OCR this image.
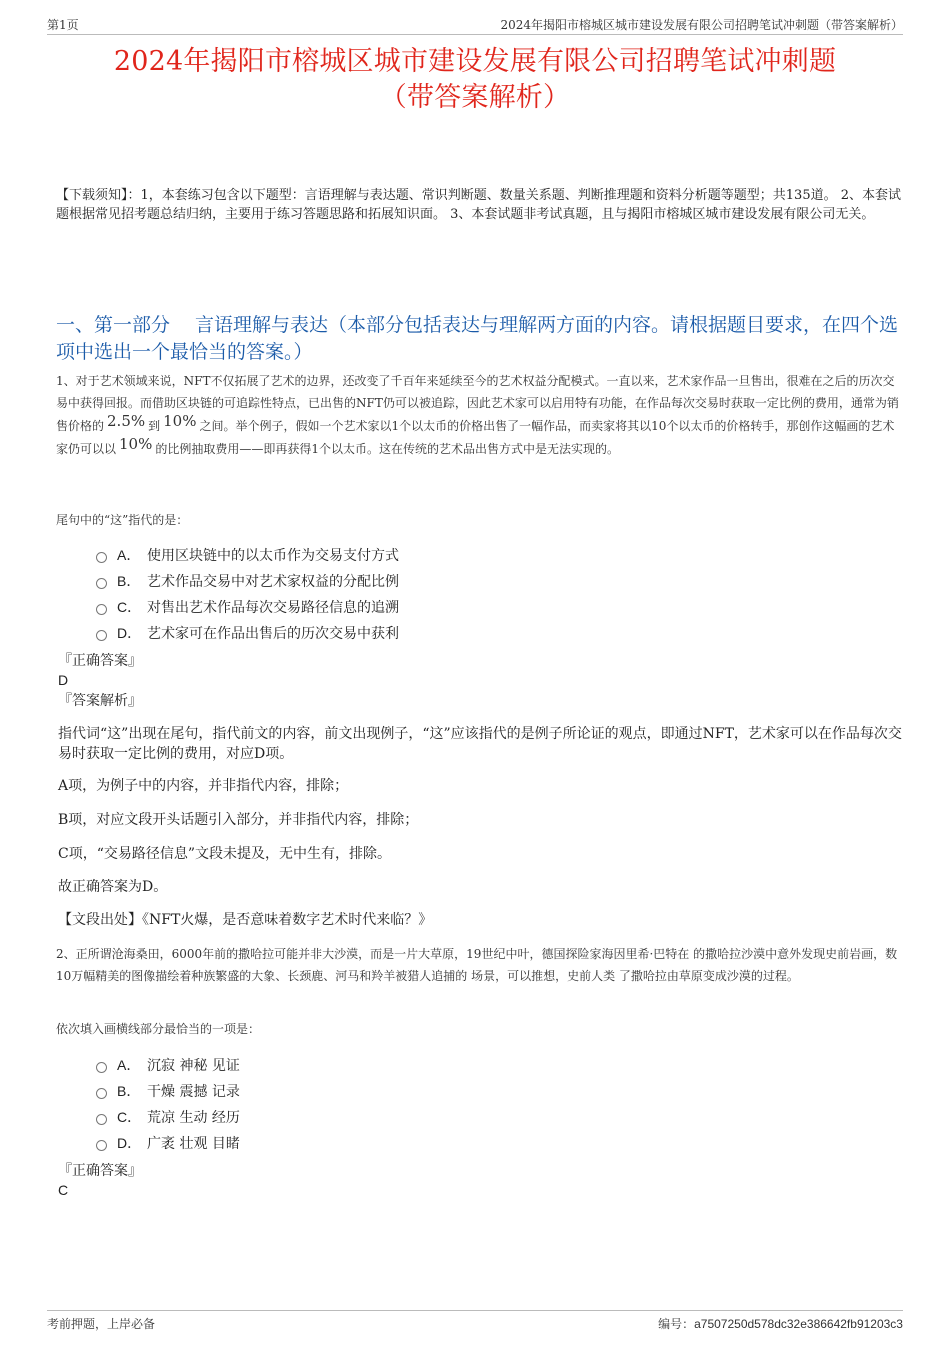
第1页	2024年揭阳市榕城区城市建设发展有限公司招聘笔试冲刺题（带答案解析）
2024年揭阳市榕城区城市建设发展有限公司招聘笔试冲刺题
（带答案解析）
【下载须知】：1，本套练习包含以下题型：言语理解与表达题、常识判断题、数量关系题、判断推理题和资料分析题等题型；共135道。 2、本套试题根据常见招考题总结归纳，主要用于练习答题思路和拓展知识面。 3、本套试题非考试真题，且与揭阳市榕城区城市建设发展有限公司无关。
一、第一部分　 言语理解与表达（本部分包括表达与理解两方面的内容。请根据题目要求，在四个选项中选出一个最恰当的答案。）
1、对于艺术领域来说，NFT不仅拓展了艺术的边界，还改变了千百年来延续至今的艺术权益分配模式。一直以来，艺术家作品一旦售出，很难在之后的历次交易中获得回报。而借助区块链的可追踪性特点，已出售的NFT仍可以被追踪，因此艺术家可以启用特有功能，在作品每次交易时获取一定比例的费用，通常为销售价格的 2.5% 到 10% 之间。举个例子，假如一个艺术家以1个以太币的价格出售了一幅作品，而卖家将其以10个以太币的价格转手，那创作这幅画的艺术家仍可以以 10% 的比例抽取费用——即再获得1个以太币。这在传统的艺术品出售方式中是无法实现的。
尾句中的“这”指代的是：
A． 使用区块链中的以太币作为交易支付方式
B． 艺术作品交易中对艺术家权益的分配比例
C． 对售出艺术作品每次交易路径信息的追溯
D． 艺术家可在作品出售后的历次交易中获利
『正确答案』
D
『答案解析』
指代词“这”出现在尾句，指代前文的内容，前文出现例子，“这”应该指代的是例子所论证的观点，即通过NFT，艺术家可以在作品每次交易时获取一定比例的费用，对应D项。
A项，为例子中的内容，并非指代内容，排除；
B项，对应文段开头话题引入部分，并非指代内容，排除；
C项，“交易路径信息”文段未提及，无中生有，排除。
故正确答案为D。
【文段出处】《NFT火爆，是否意味着数字艺术时代来临？》
2、正所谓沧海桑田，6000年前的撒哈拉可能并非大沙漠，而是一片大草原，19世纪中叶，德国探险家海因里希·巴特在 的撒哈拉沙漠中意外发现史前岩画，数10万幅精美的图像描绘着种族繁盛的大象、长颈鹿、河马和羚羊被猎人追捕的 场景，可以推想，史前人类 了撒哈拉由草原变成沙漠的过程。
依次填入画横线部分最恰当的一项是：
A． 沉寂 神秘 见证
B． 干燥 震撼 记录
C． 荒凉 生动 经历
D． 广袤 壮观 目睹
『正确答案』
C
考前押题，上岸必备	编号：a7507250d578dc32e386642fb91203c3
